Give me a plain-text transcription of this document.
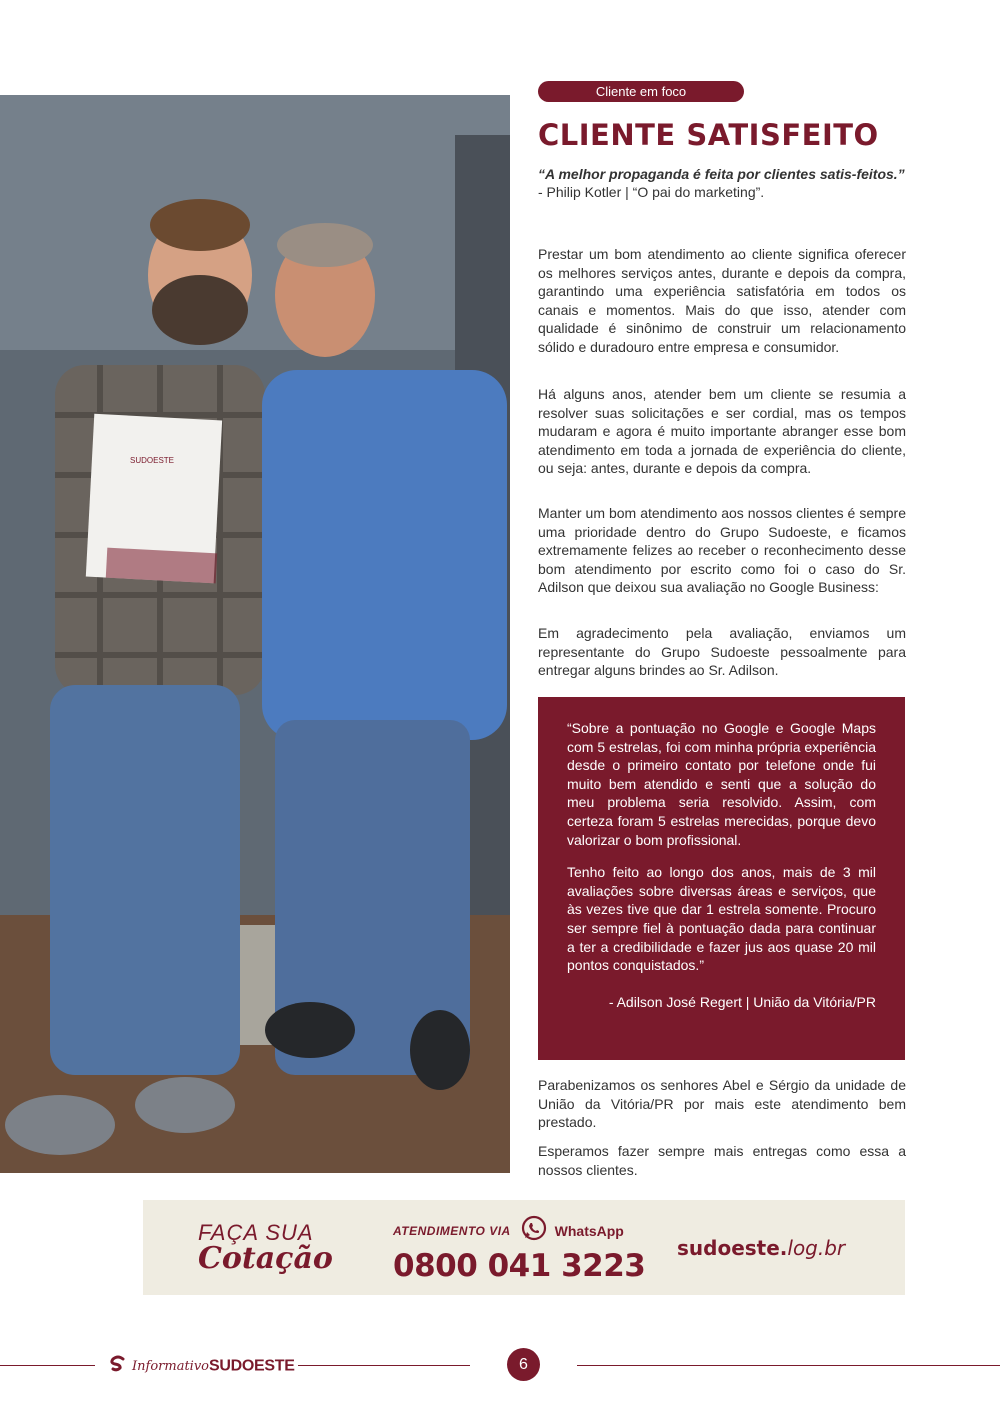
SUDOESTE
Cliente em foco
CLIENTE SATISFEITO
“A melhor propaganda é feita por clientes satis-feitos.”
- Philip Kotler | “O pai do marketing”.

Prestar um bom atendimento ao cliente significa oferecer os melhores serviços antes, durante e depois da compra, garantindo uma experiência satisfatória em todos os canais e momentos. Mais do que isso, atender com qualidade é sinônimo de construir um relacionamento sólido e duradouro entre empresa e consumidor.

Há alguns anos, atender bem um cliente se resumia a resolver suas solicitações e ser cordial, mas os tempos mudaram e agora é muito importante abranger esse bom atendimento em toda a jornada de experiência do cliente, ou seja: antes, durante e depois da compra.

Manter um bom atendimento aos nossos clientes é sempre uma prioridade dentro do Grupo Sudoeste, e ficamos extremamente felizes ao receber o reconhecimento desse bom atendimento por escrito como foi o caso do Sr. Adilson que deixou sua avaliação no Google Business:

Em agradecimento pela avaliação, enviamos um representante do Grupo Sudoeste pessoalmente para entregar alguns brindes ao Sr. Adilson.

“Sobre a pontuação no Google e Google Maps com 5 estrelas, foi com minha própria experiência desde o primeiro contato por telefone onde fui muito bem atendido e senti que a solução do meu problema seria resolvido. Assim, com certeza foram 5 estrelas merecidas, porque devo valorizar o bom profissional.

Tenho feito ao longo dos anos, mais de 3 mil avaliações sobre diversas áreas e serviços, que às vezes tive que dar 1 estrela somente. Procuro ser sempre fiel à pontuação dada para continuar a ter a credibilidade e fazer jus aos quase 20 mil pontos conquistados.”

- Adilson José Regert | União da Vitória/PR

Parabenizamos os senhores Abel e Sérgio da unidade de União da Vitória/PR por mais este atendimento bem prestado.

Esperamos fazer sempre mais entregas como essa a nossos clientes.

FAÇA SUA
Cotação
ATENDIMENTO VIA	WhatsApp
0800 041 3223 sudoeste.log.br
InformativoSUDOESTE	6
